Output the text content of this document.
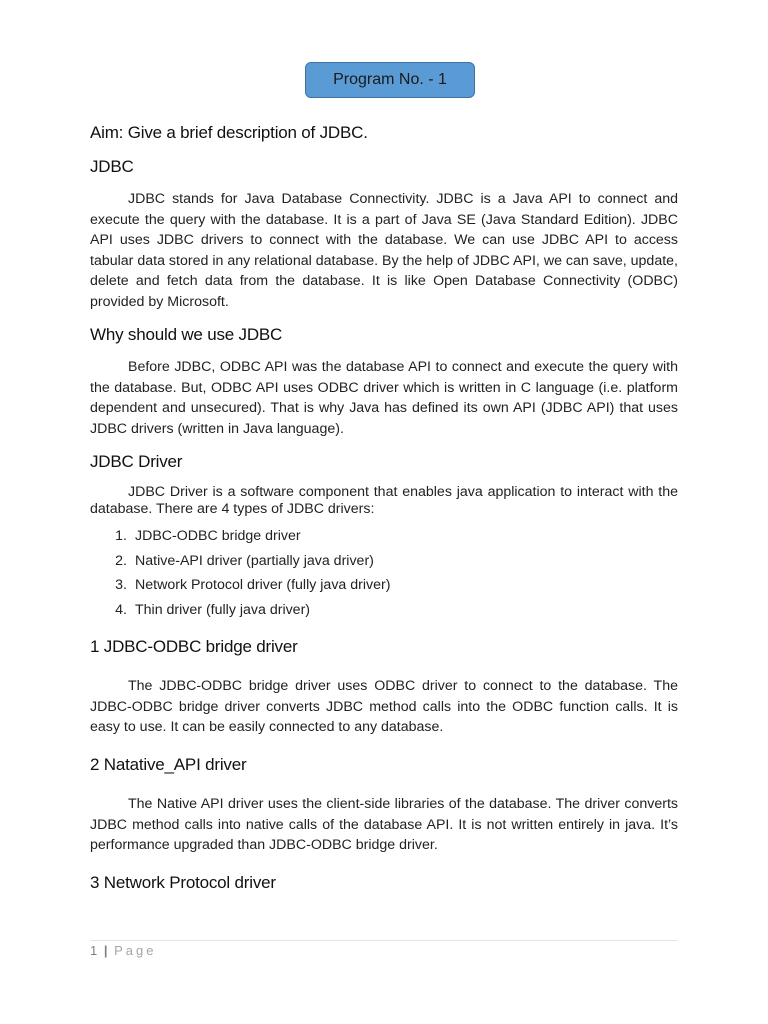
Program No. - 1
Aim: Give a brief description of JDBC.
JDBC

JDBC stands for Java Database Connectivity. JDBC is a Java API to connect and execute the query with the database. It is a part of Java SE (Java Standard Edition). JDBC API uses JDBC drivers to connect with the database. We can use JDBC API to access tabular data stored in any relational database. By the help of JDBC API, we can save, update, delete and fetch data from the database. It is like Open Database Connectivity (ODBC) provided by Microsoft.

Why should we use JDBC

Before JDBC, ODBC API was the database API to connect and execute the query with the database. But, ODBC API uses ODBC driver which is written in C language (i.e. platform dependent and unsecured). That is why Java has defined its own API (JDBC API) that uses JDBC drivers (written in Java language).

JDBC Driver

JDBC Driver is a software component that enables java application to interact with the database. There are 4 types of JDBC drivers:

1. JDBC-ODBC bridge driver
2. Native-API driver (partially java driver)
3. Network Protocol driver (fully java driver)
4. Thin driver (fully java driver)
1 JDBC-ODBC bridge driver

The JDBC-ODBC bridge driver uses ODBC driver to connect to the database. The JDBC-ODBC bridge driver converts JDBC method calls into the ODBC function calls. It is easy to use. It can be easily connected to any database.

2 Natative_API driver

The Native API driver uses the client-side libraries of the database. The driver converts JDBC method calls into native calls of the database API. It is not written entirely in java. It’s performance upgraded than JDBC-ODBC bridge driver.

3 Network Protocol driver
1 | Page
